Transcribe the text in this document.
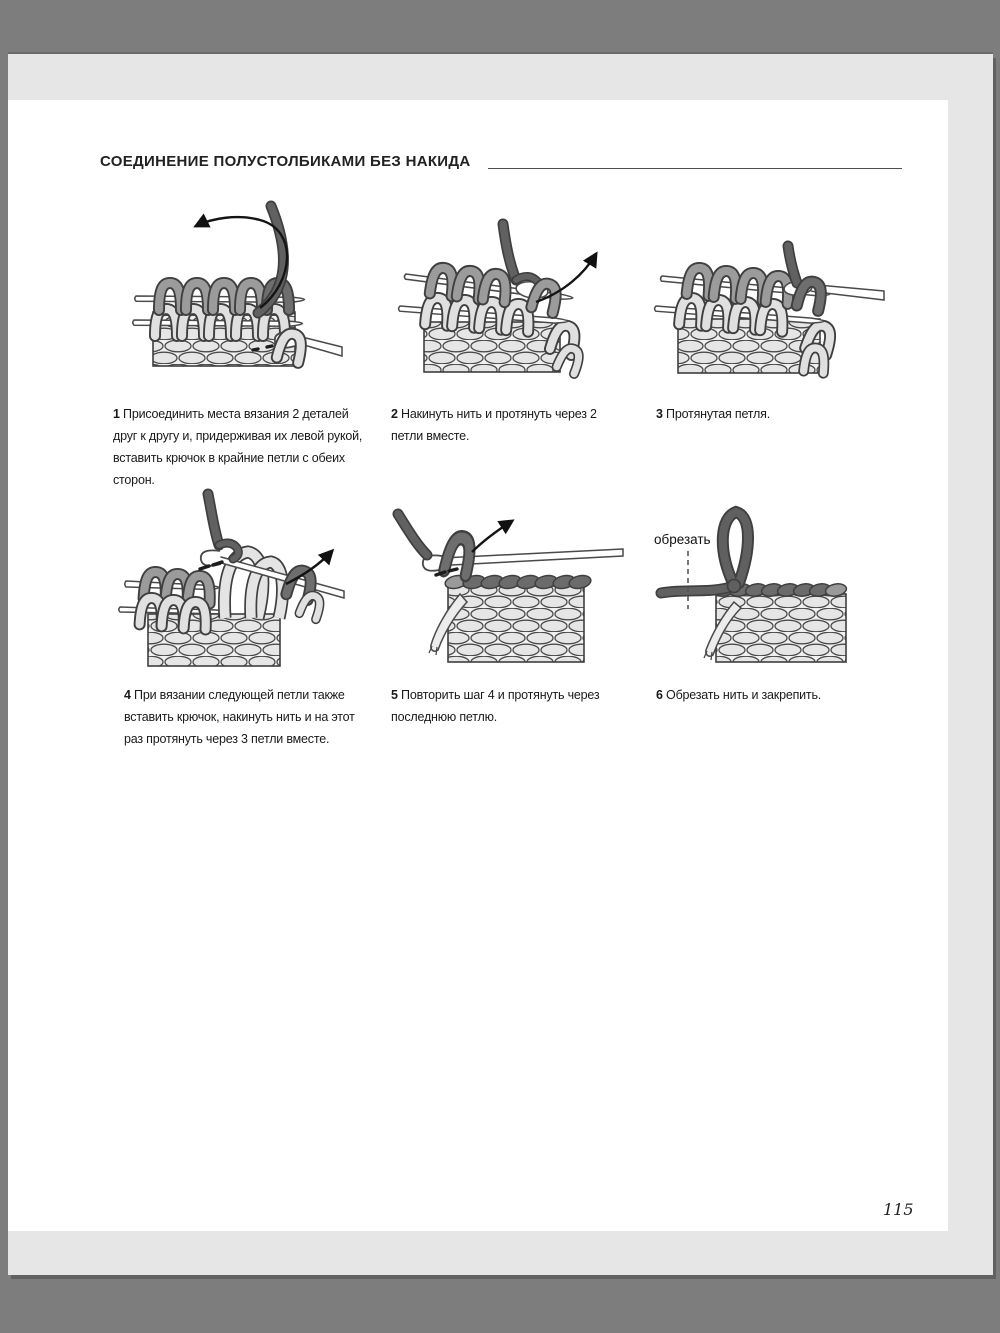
СОЕДИНЕНИЕ ПОЛУСТОЛБИКАМИ БЕЗ НАКИДА
обрезать

1 Присоединить места вязания 2 деталей друг к другу и, придерживая их левой рукой, вставить крючок в крайние петли с обеих сторон.

2 Накинуть нить и протянуть через 2 петли вместе.

3 Протянутая петля.

4 При вязании следующей петли также вставить крючок, накинуть нить и на этот раз протянуть через 3 петли вместе.

5 Повторить шаг 4 и протянуть через последнюю петлю.

6 Обрезать нить и закрепить.

115
